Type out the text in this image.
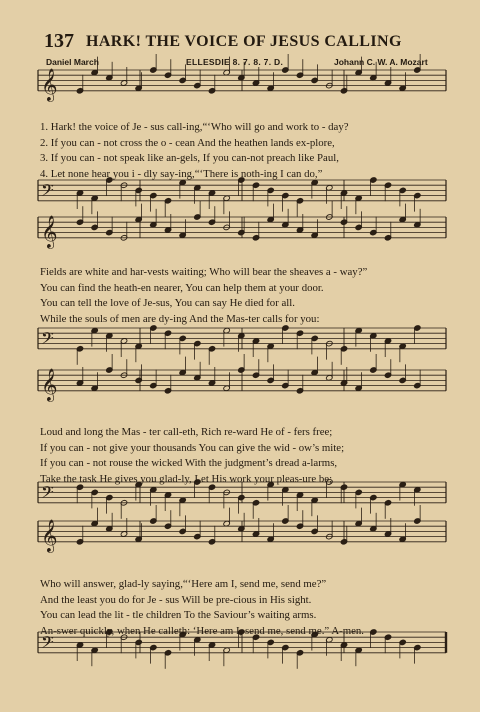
137 HARK! THE VOICE OF JESUS CALLING
Daniel March	ELLESDIE 8. 7. 8. 7. D.	Johann C. W. A. Mozart
𝄞
𝄢
𝄞
𝄢
𝄞
𝄢
𝄞
𝄢
1. Hark! the voice of Je - sus call-ing,“‘Who will go and work to - day?
2. If you can - not cross the o - cean And the heathen lands ex-plore,
3. If you can - not speak like an-gels, If you can-not preach like Paul,
4. Let none hear you i - dly say-ing,“‘There is noth-ing I can do,”
Fields are white and har-vests waiting; Who will bear the sheaves a - way?”
You can find the heath-en nearer, You can help them at your door.
You can tell the love of Je-sus, You can say He died for all.
While the souls of men are dy-ing And the Mas-ter calls for you:
Loud and long the Mas - ter call-eth, Rich re-ward He of - fers free;
If you can - not give your thousands You can give the wid - ow’s mite;
If you can - not rouse the wicked With the judgment’s dread a-larms,
Take the task He gives you glad-ly, Let His work your pleas-ure be;
Who will answer, glad-ly saying,“‘Here am I, send me, send me?”
And the least you do for Je - sus Will be pre-cious in His sight.
You can lead the lit - tle children To the Saviour’s waiting arms.
An-swer quickly, when He calleth: ‘Here am I, send me, send me.” A-men.
